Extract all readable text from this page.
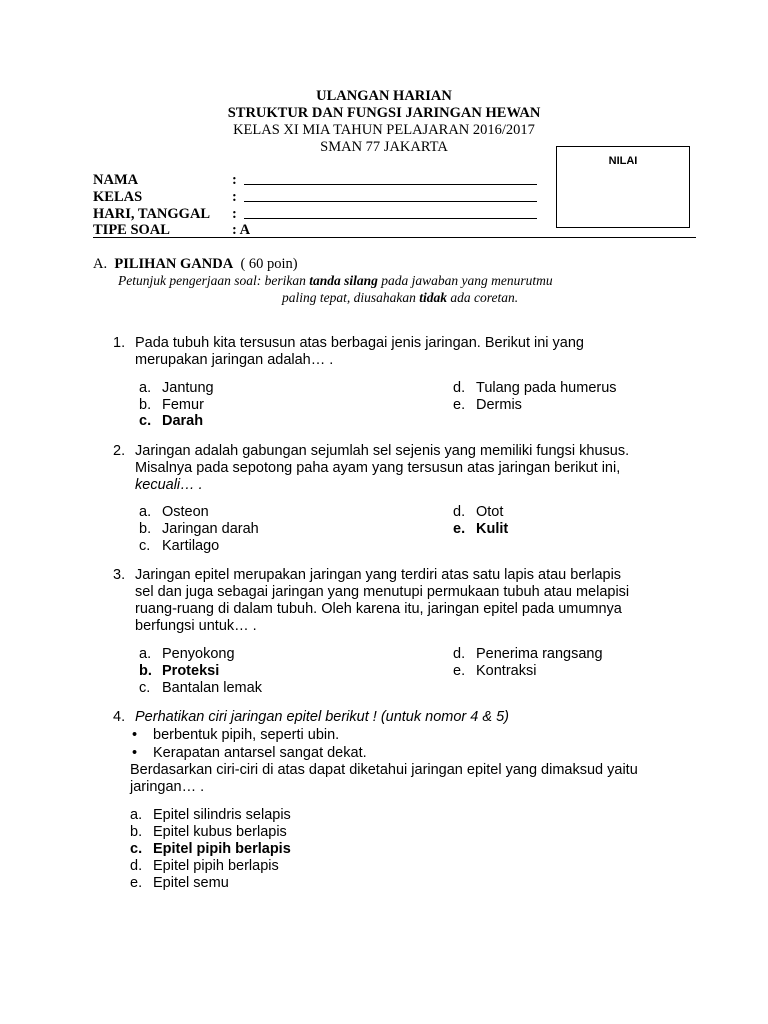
ULANGAN HARIAN
STRUKTUR DAN FUNGSI JARINGAN HEWAN
KELAS XI MIA TAHUN PELAJARAN 2016/2017
SMAN 77 JAKARTA
NILAI
NAMA	:
KELAS	:
HARI, TANGGAL :
TIPE SOAL	: A
A. PILIHAN GANDA ( 60 poin)
Petunjuk pengerjaan soal: berikan tanda silang pada jawaban yang menurutmu
paling tepat, diusahakan tidak ada coretan.
1. Pada tubuh kita tersusun atas berbagai jenis jaringan. Berikut ini yang
merupakan jaringan adalah… .
a. Jantung
b. Femur
c. Darah
d. Tulang pada humerus
e. Dermis
2. Jaringan adalah gabungan sejumlah sel sejenis yang memiliki fungsi khusus.
Misalnya pada sepotong paha ayam yang tersusun atas jaringan berikut ini,
kecuali… .
a. Osteon
b. Jaringan darah
c. Kartilago
d. Otot
e. Kulit
3. Jaringan epitel merupakan jaringan yang terdiri atas satu lapis atau berlapis
sel dan juga sebagai jaringan yang menutupi permukaan tubuh atau melapisi
ruang-ruang di dalam tubuh. Oleh karena itu, jaringan epitel pada umumnya
berfungsi untuk… .
a. Penyokong
b. Proteksi
c. Bantalan lemak
d. Penerima rangsang
e. Kontraksi
4. Perhatikan ciri jaringan epitel berikut ! (untuk nomor 4 & 5)
• berbentuk pipih, seperti ubin.
• Kerapatan antarsel sangat dekat.
Berdasarkan ciri-ciri di atas dapat diketahui jaringan epitel yang dimaksud yaitu
jaringan… .
a. Epitel silindris selapis
b. Epitel kubus berlapis
c. Epitel pipih berlapis
d. Epitel pipih berlapis
e. Epitel semu
